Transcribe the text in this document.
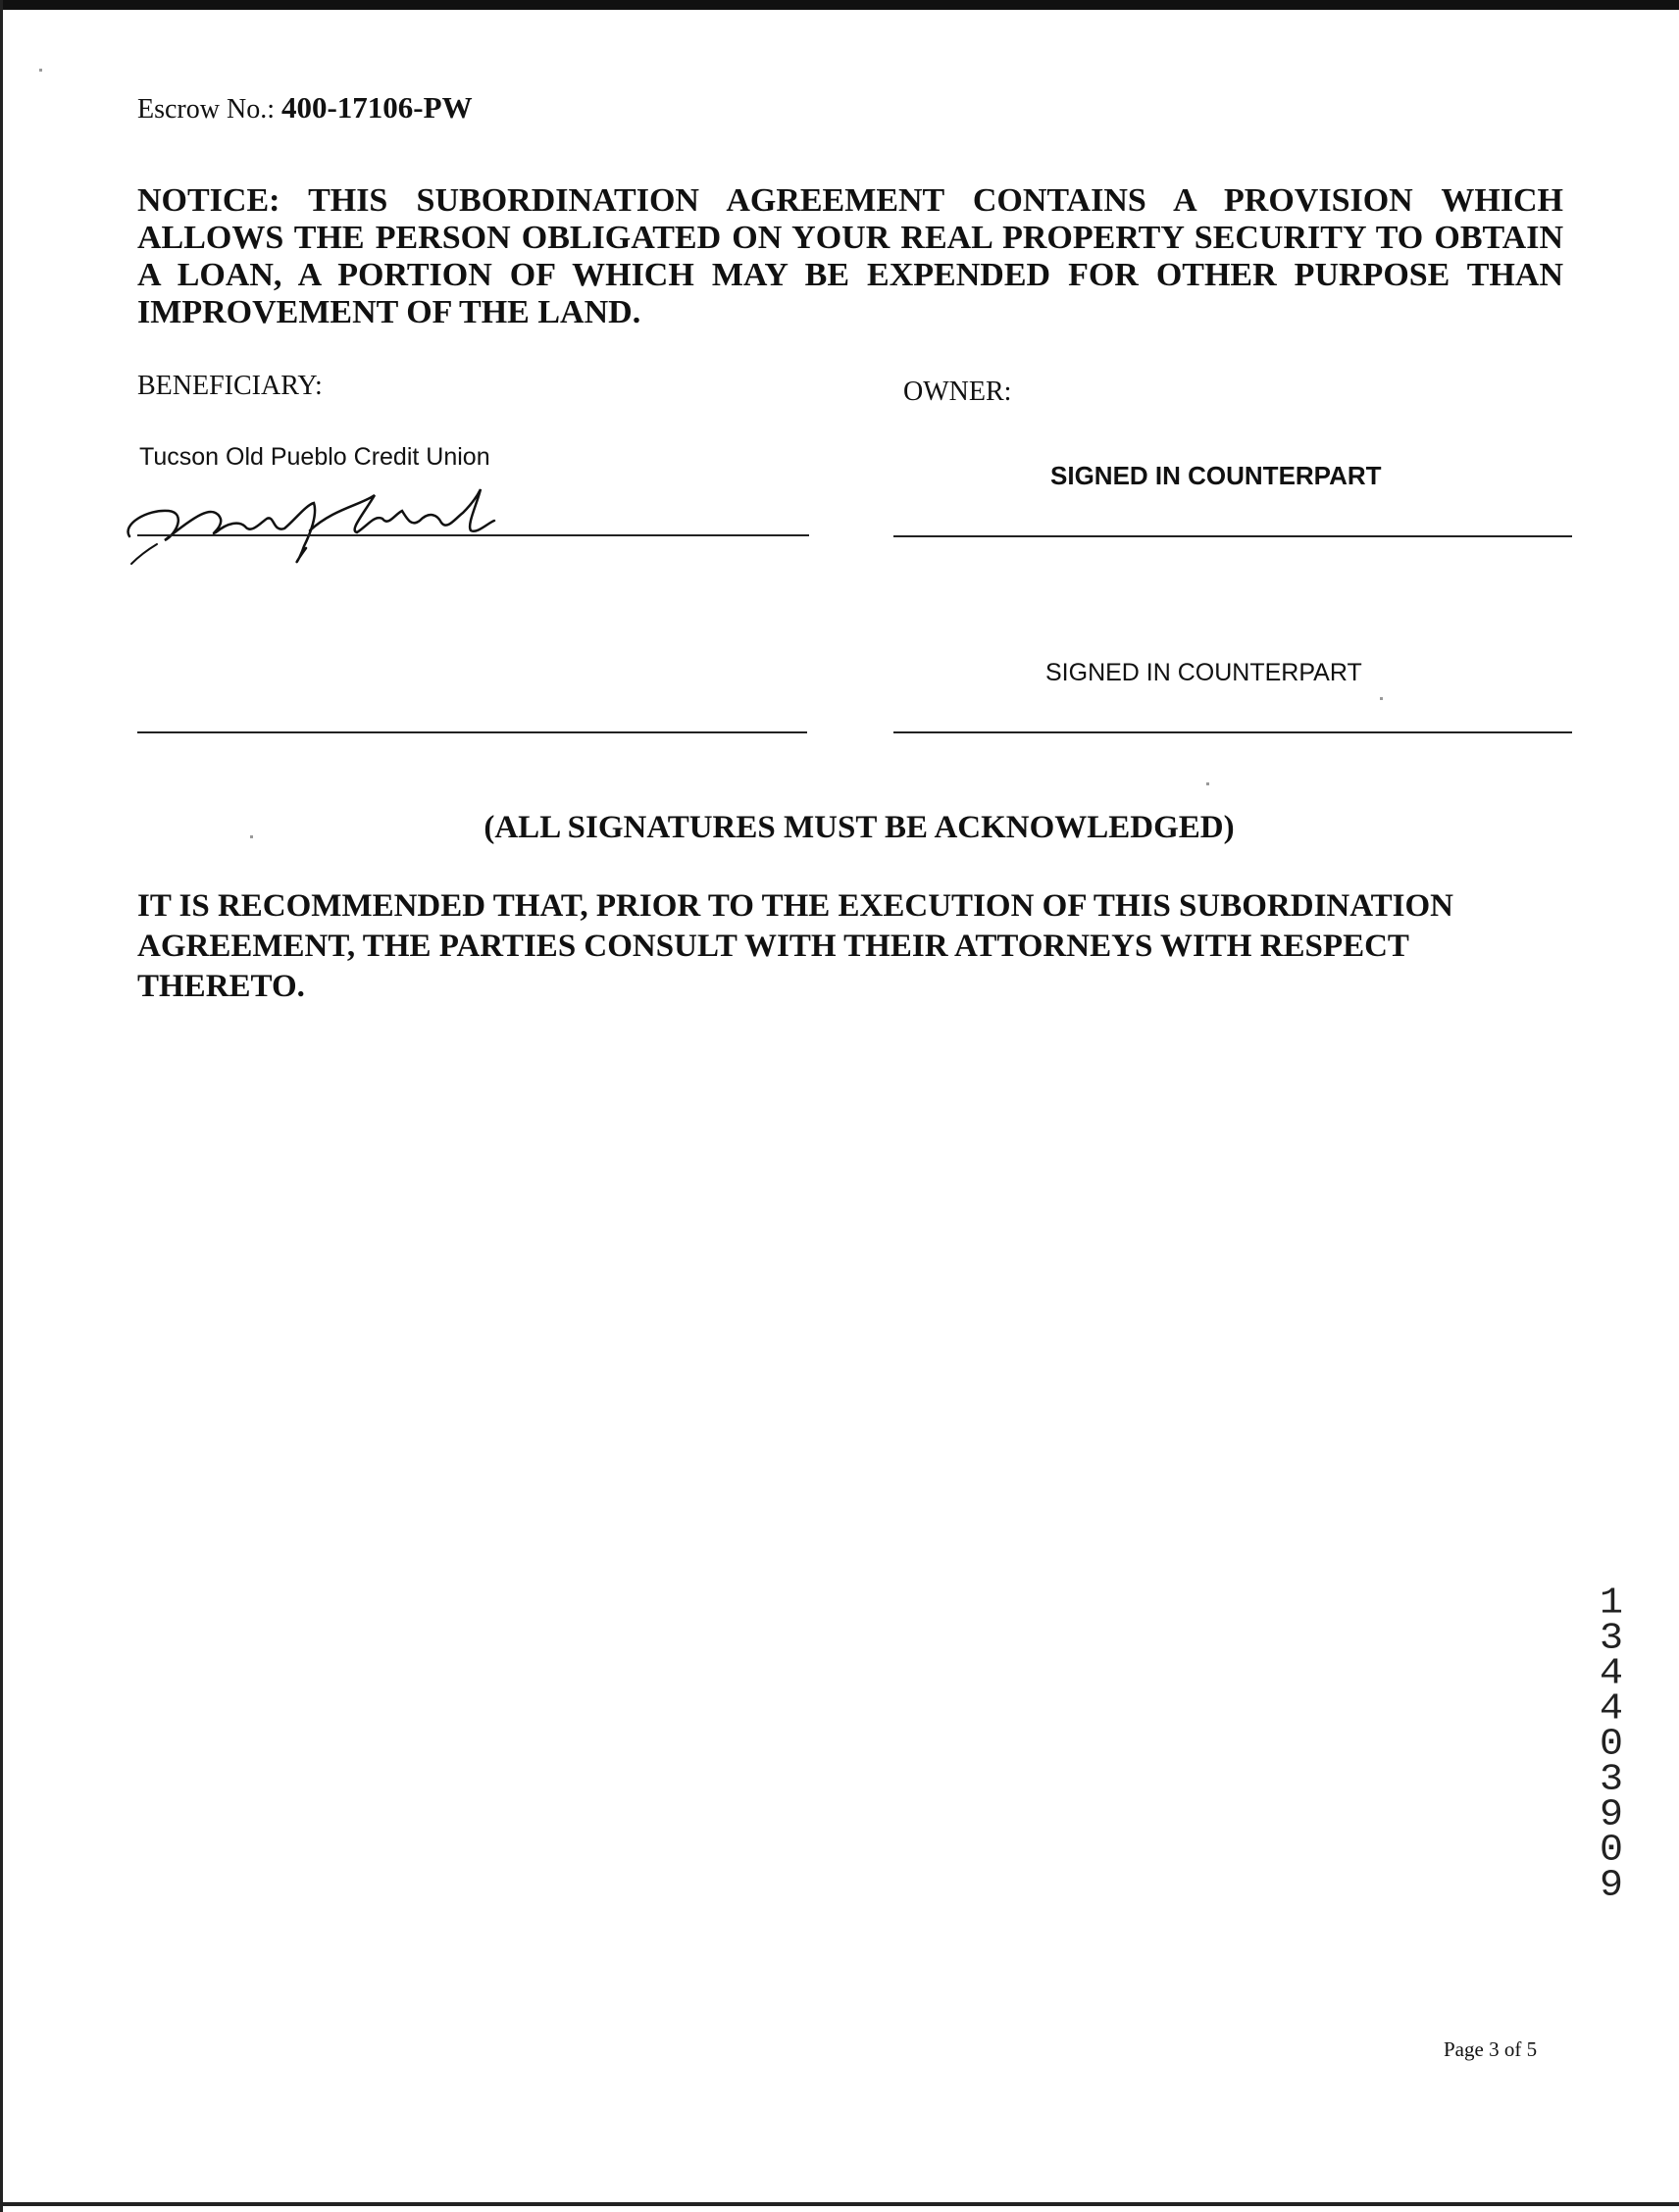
Escrow No.: 400-17106-PW
NOTICE: THIS SUBORDINATION AGREEMENT CONTAINS A PROVISION WHICH ALLOWS THE PERSON OBLIGATED ON YOUR REAL PROPERTY SECURITY TO OBTAIN A LOAN, A PORTION OF WHICH MAY BE EXPENDED FOR OTHER PURPOSE THAN IMPROVEMENT OF THE LAND.
BENEFICIARY:	OWNER:
Tucson Old Pueblo Credit Union
SIGNED IN COUNTERPART
SIGNED IN COUNTERPART
(ALL SIGNATURES MUST BE ACKNOWLEDGED)
IT IS RECOMMENDED THAT, PRIOR TO THE EXECUTION OF THIS SUBORDINATION AGREEMENT, THE PARTIES CONSULT WITH THEIR ATTORNEYS WITH RESPECT THERETO.
1
3
4
4
0
3
9
0
9
Page 3 of 5
